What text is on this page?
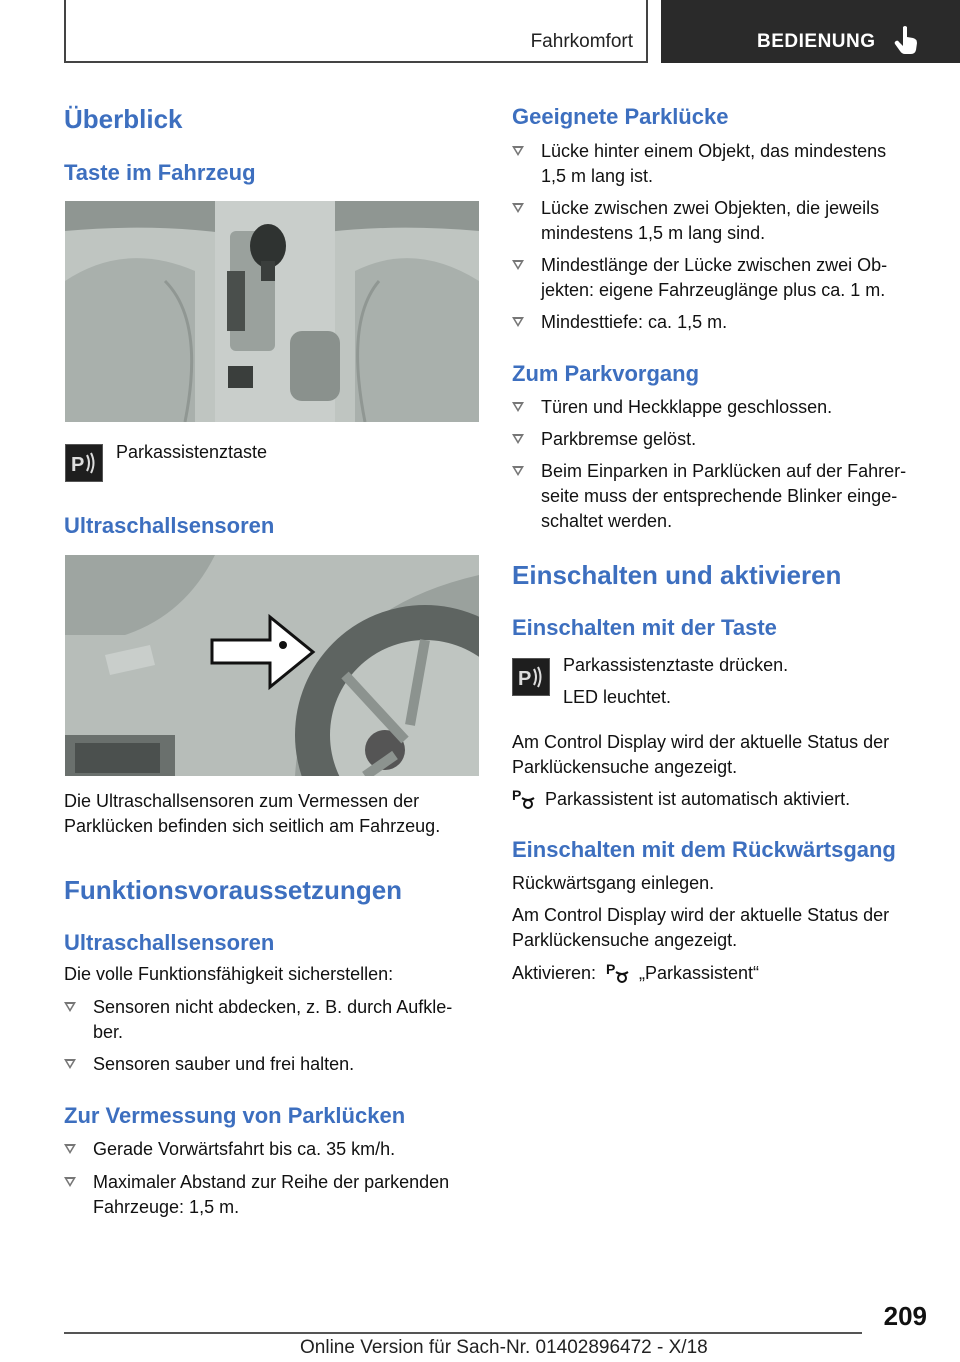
Fahrkomfort	BEDIENUNG
Überblick
Taste im Fahrzeug
P
Parkassistenztaste
Ultraschallsensoren
Die Ultraschallsensoren zum Vermessen der
Parklücken befinden sich seitlich am Fahrzeug.
Funktionsvoraussetzungen
Ultraschallsensoren
Die volle Funktionsfähigkeit sicherstellen:
Sensoren nicht abdecken, z. B. durch Aufkle-
ber.
Sensoren sauber und frei halten.
Zur Vermessung von Parklücken
Gerade Vorwärtsfahrt bis ca. 35 km/h.
Maximaler Abstand zur Reihe der parkenden
Fahrzeuge: 1,5 m.
Geeignete Parklücke
Lücke hinter einem Objekt, das mindestens
1,5 m lang ist.
Lücke zwischen zwei Objekten, die jeweils
mindestens 1,5 m lang sind.
Mindestlänge der Lücke zwischen zwei Ob-
jekten: eigene Fahrzeuglänge plus ca. 1 m.
Mindesttiefe: ca. 1,5 m.
Zum Parkvorgang
Türen und Heckklappe geschlossen.
Parkbremse gelöst.
Beim Einparken in Parklücken auf der Fahrer-
seite muss der entsprechende Blinker einge-
schaltet werden.
Einschalten und aktivieren
Einschalten mit der Taste
P
Parkassistenztaste drücken.
LED leuchtet.
Am Control Display wird der aktuelle Status der
Parklückensuche angezeigt.
P Parkassistent ist automatisch aktiviert.
Einschalten mit dem Rückwärtsgang
Rückwärtsgang einlegen.
Am Control Display wird der aktuelle Status der
Parklückensuche angezeigt.
Aktivieren: P „Parkassistent“
209
Online Version für Sach-Nr. 01402896472 - X/18
